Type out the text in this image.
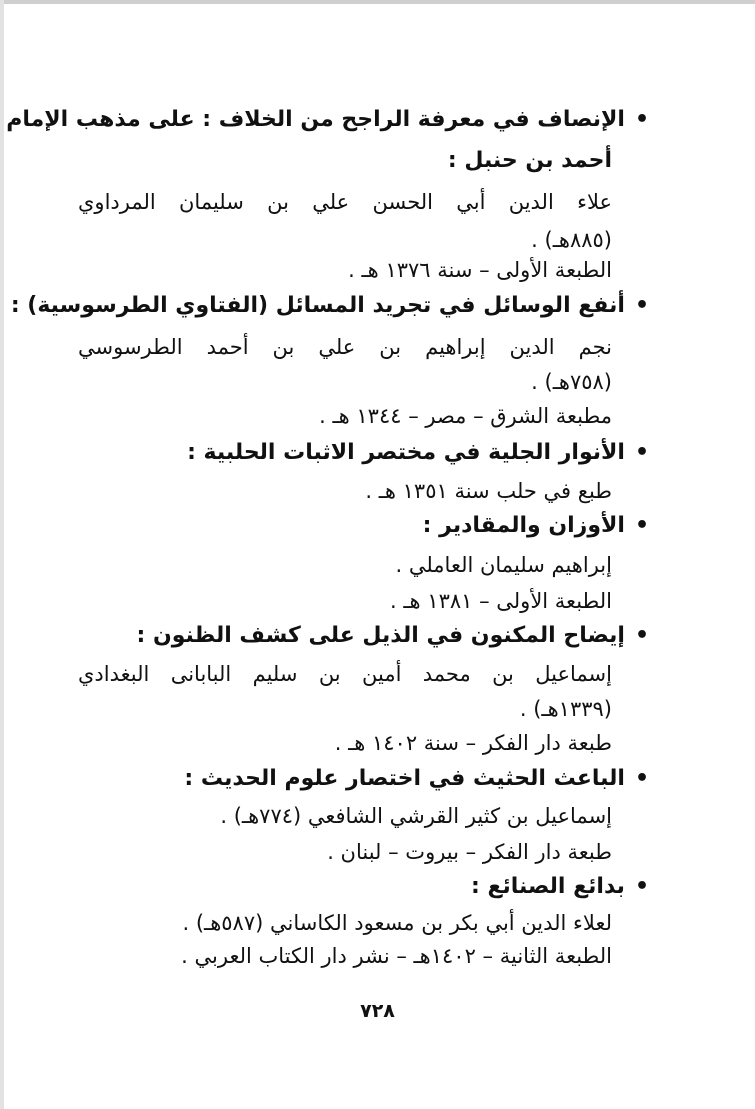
•الإنصاف في معرفة الراجح من الخلاف : على مذهب الإمام
أحمد بن حنبل :
علاء الدين أبي الحسن علي بن سليمان المرداوي
(٨٨٥هـ) .
الطبعة الأولى – سنة ١٣٧٦ هـ .
•أنفع الوسائل في تجريد المسائل (الفتاوي الطرسوسية) :
نجم الدين إبراهيم بن علي بن أحمد الطرسوسي
(٧٥٨هـ) .
مطبعة الشرق – مصر – ١٣٤٤ هـ .
•الأنوار الجلية في مختصر الاثبات الحلبية :
طبع في حلب سنة ١٣٥١ هـ .
•الأوزان والمقادير :
إبراهيم سليمان العاملي .
الطبعة الأولى – ١٣٨١ هـ .
•إيضاح المكنون في الذيل على كشف الظنون :
إسماعيل بن محمد أمين بن سليم البابانى البغدادي
(١٣٣٩هـ) .
طبعة دار الفكر – سنة ١٤٠٢ هـ .
•الباعث الحثيث في اختصار علوم الحديث :
إسماعيل بن كثير القرشي الشافعي (٧٧٤هـ) .
طبعة دار الفكر – بيروت – لبنان .
•بدائع الصنائع :
لعلاء الدين أبي بكر بن مسعود الكاساني (٥٨٧هـ) .
الطبعة الثانية – ١٤٠٢هـ – نشر دار الكتاب العربي .
٧٢٨
